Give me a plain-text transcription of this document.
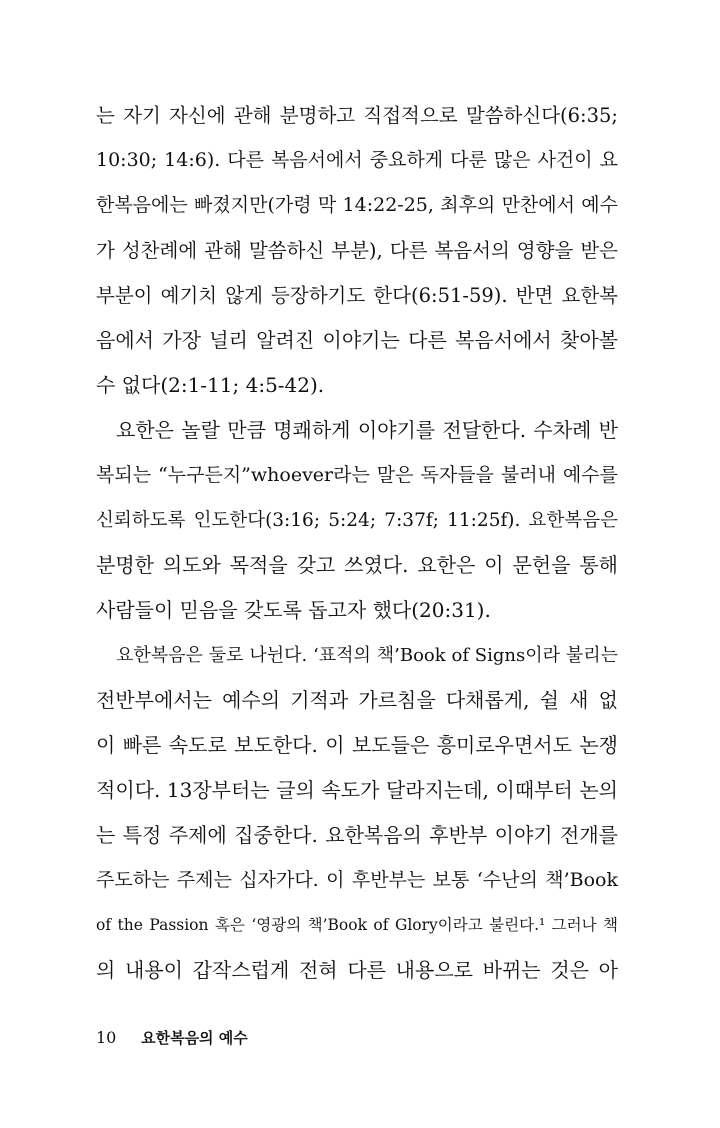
는 자기 자신에 관해 분명하고 직접적으로 말씀하신다(6:35;
10:30; 14:6). 다른 복음서에서 중요하게 다룬 많은 사건이 요
한복음에는 빠졌지만(가령 막 14:22-25, 최후의 만찬에서 예수
가 성찬례에 관해 말씀하신 부분), 다른 복음서의 영향을 받은
부분이 예기치 않게 등장하기도 한다(6:51-59). 반면 요한복
음에서 가장 널리 알려진 이야기는 다른 복음서에서 찾아볼
수 없다(2:1-11; 4:5-42).
요한은 놀랄 만큼 명쾌하게 이야기를 전달한다. 수차례 반
복되는 “누구든지”whoever라는 말은 독자들을 불러내 예수를
신뢰하도록 인도한다(3:16; 5:24; 7:37f; 11:25f). 요한복음은
분명한 의도와 목적을 갖고 쓰였다. 요한은 이 문헌을 통해
사람들이 믿음을 갖도록 돕고자 했다(20:31).
요한복음은 둘로 나뉜다. ‘표적의 책’Book of Signs이라 불리는
전반부에서는 예수의 기적과 가르침을 다채롭게, 쉴 새 없
이 빠른 속도로 보도한다. 이 보도들은 흥미로우면서도 논쟁
적이다. 13장부터는 글의 속도가 달라지는데, 이때부터 논의
는 특정 주제에 집중한다. 요한복음의 후반부 이야기 전개를
주도하는 주제는 십자가다. 이 후반부는 보통 ‘수난의 책’Book
of the Passion 혹은 ‘영광의 책’Book of Glory이라고 불린다.¹ 그러나 책
의 내용이 갑작스럽게 전혀 다른 내용으로 바뀌는 것은 아
10 요한복음의 예수
